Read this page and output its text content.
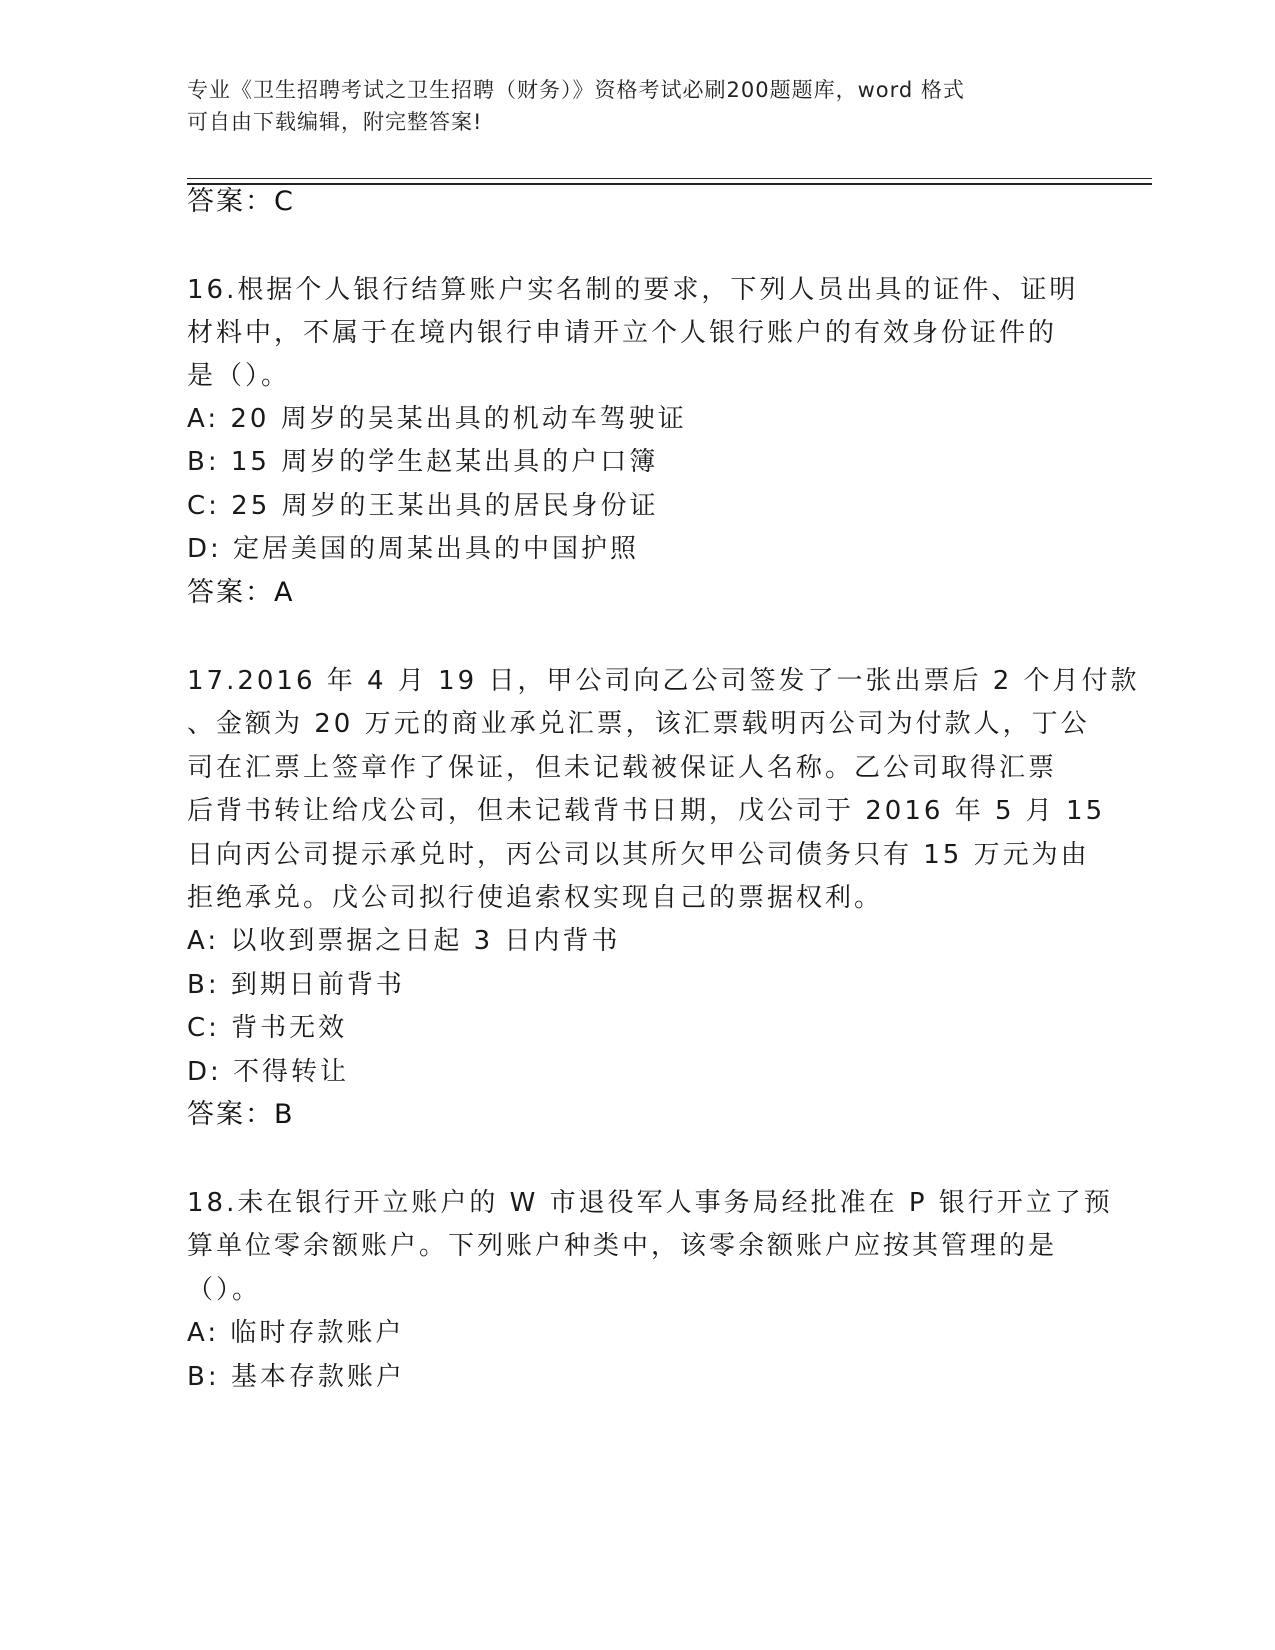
专业《卫生招聘考试之卫生招聘（财务）》资格考试必刷200题题库，word 格式
可自由下载编辑，附完整答案!
答案：C
16.根据个人银行结算账户实名制的要求，下列人员出具的证件、证明
材料中，不属于在境内银行申请开立个人银行账户的有效身份证件的
是（）。
A: 20 周岁的吴某出具的机动车驾驶证
B: 15 周岁的学生赵某出具的户口簿
C: 25 周岁的王某出具的居民身份证
D: 定居美国的周某出具的中国护照
答案：A
17.2016 年 4 月 19 日，甲公司向乙公司签发了一张出票后 2 个月付款
、金额为 20 万元的商业承兑汇票，该汇票载明丙公司为付款人，丁公
司在汇票上签章作了保证，但未记载被保证人名称。乙公司取得汇票
后背书转让给戊公司，但未记载背书日期，戊公司于 2016 年 5 月 15
日向丙公司提示承兑时，丙公司以其所欠甲公司债务只有 15 万元为由
拒绝承兑。戊公司拟行使追索权实现自己的票据权利。
A: 以收到票据之日起 3 日内背书
B: 到期日前背书
C: 背书无效
D: 不得转让
答案：B
18.未在银行开立账户的 W 市退役军人事务局经批准在 P 银行开立了预
算单位零余额账户。下列账户种类中，该零余额账户应按其管理的是
（）。
A: 临时存款账户
B: 基本存款账户
